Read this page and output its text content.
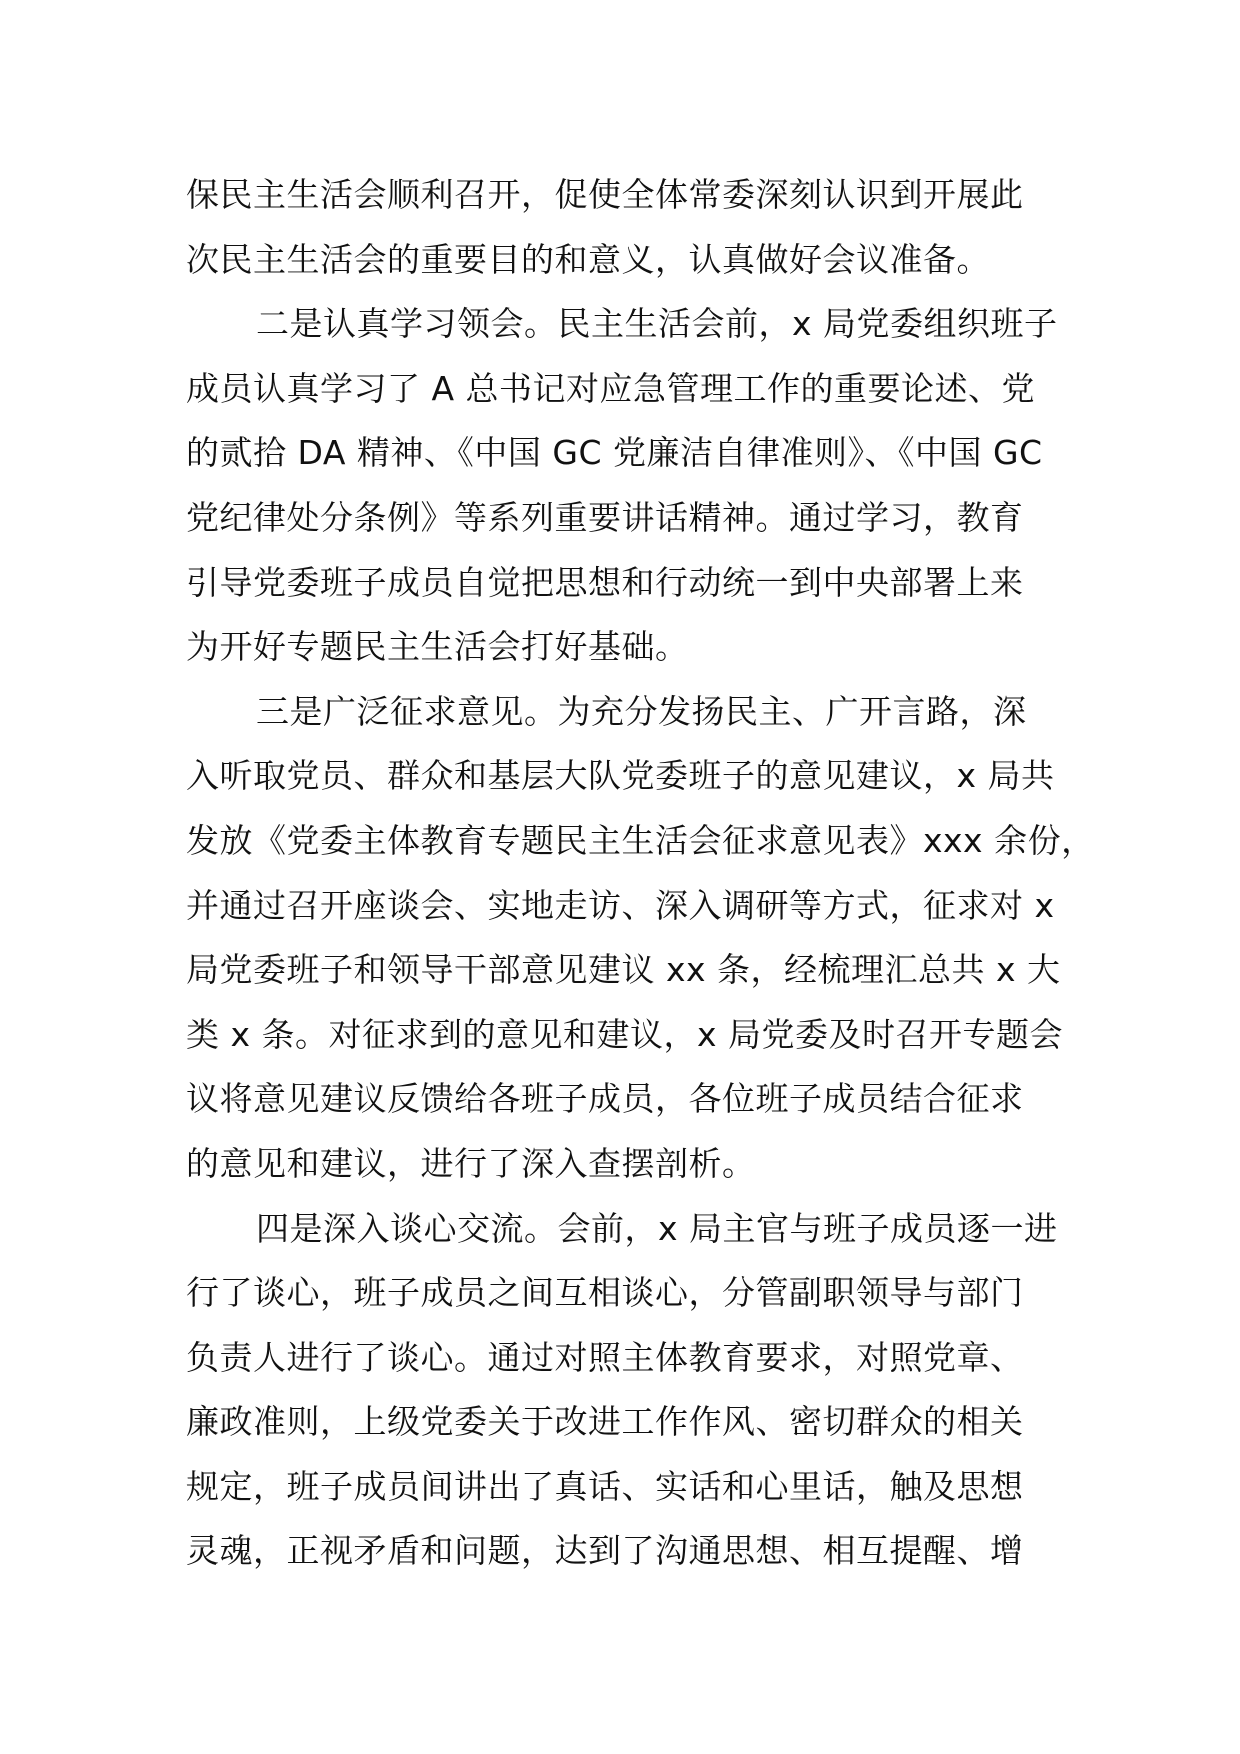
保民主生活会顺利召开，促使全体常委深刻认识到开展此
次民主生活会的重要目的和意义，认真做好会议准备。
二是认真学习领会。民主生活会前，x 局党委组织班子
成员认真学习了 A 总书记对应急管理工作的重要论述、党
的贰拾 DA 精神、《中国 GC 党廉洁自律准则》、《中国 GC
党纪律处分条例》等系列重要讲话精神。通过学习，教育
引导党委班子成员自觉把思想和行动统一到中央部署上来
为开好专题民主生活会打好基础。
三是广泛征求意见。为充分发扬民主、广开言路，深
入听取党员、群众和基层大队党委班子的意见建议，x 局共
发放《党委主体教育专题民主生活会征求意见表》xxx 余份，
并通过召开座谈会、实地走访、深入调研等方式，征求对 x
局党委班子和领导干部意见建议 xx 条，经梳理汇总共 x 大
类 x 条。对征求到的意见和建议，x 局党委及时召开专题会
议将意见建议反馈给各班子成员，各位班子成员结合征求
的意见和建议，进行了深入查摆剖析。
四是深入谈心交流。会前，x 局主官与班子成员逐一进
行了谈心，班子成员之间互相谈心，分管副职领导与部门
负责人进行了谈心。通过对照主体教育要求，对照党章、
廉政准则，上级党委关于改进工作作风、密切群众的相关
规定，班子成员间讲出了真话、实话和心里话，触及思想
灵魂，正视矛盾和问题，达到了沟通思想、相互提醒、增
